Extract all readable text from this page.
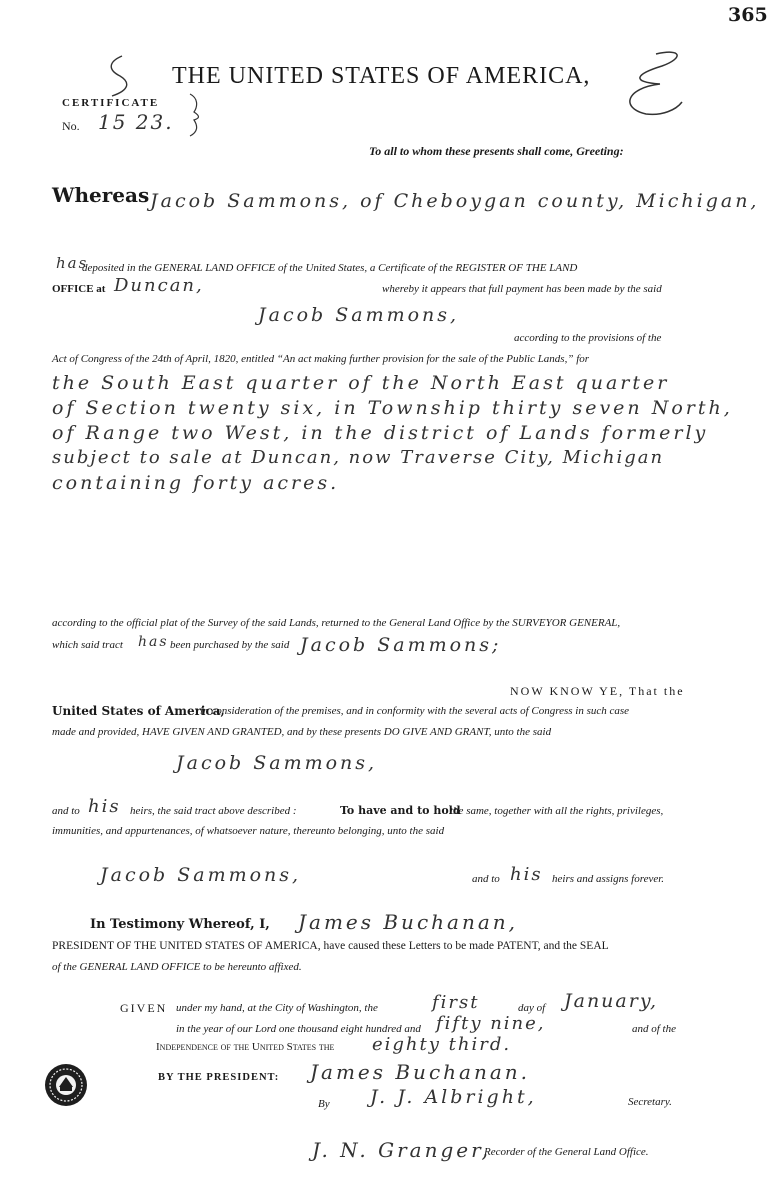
365
THE UNITED STATES OF AMERICA,
CERTIFICATE
No. 15 23.
To all to whom these presents shall come, Greeting:
Whereas Jacob Sammons, of Cheboygan county, Michigan,
has
deposited in the GENERAL LAND OFFICE of the United States, a Certificate of the REGISTER OF THE LAND
OFFICE at Duncan,	whereby it appears that full payment has been made by the said
Jacob Sammons,
according to the provisions of the
Act of Congress of the 24th of April, 1820, entitled “An act making further provision for the sale of the Public Lands,” for
the South East quarter of the North East quarter
of Section twenty six, in Township thirty seven North,
of Range two West, in the district of Lands formerly
subject to sale at Duncan, now Traverse City, Michigan
containing forty acres.
according to the official plat of the Survey of the said Lands, returned to the General Land Office by the SURVEYOR GENERAL,
which said tract has been purchased by the said Jacob Sammons;
NOW KNOW YE, That the
United States of America,
in consideration of the premises, and in conformity with the several acts of Congress in such case
made and provided, HAVE GIVEN AND GRANTED, and by these presents DO GIVE AND GRANT, unto the said
Jacob Sammons,
and to his heirs, the said tract above described :	To have and to hold
the same, together with all the rights, privileges,
immunities, and appurtenances, of whatsoever nature, thereunto belonging, unto the said
Jacob Sammons,	and to his heirs and assigns forever.
In Testimony Whereof, I, James Buchanan,
PRESIDENT OF THE UNITED STATES OF AMERICA, have caused these Letters to be made PATENT, and the SEAL
of the GENERAL LAND OFFICE to be hereunto affixed.
GIVEN under my hand, at the City of Washington, the	first	day of January,
in the year of our Lord one thousand eight hundred and fifty nine,	and of the
Independence of the United States the eighty third.
BY THE PRESIDENT: James Buchanan.
By J. J. Albright,	Secretary.
J. N. Granger,
Recorder of the General Land Office.
